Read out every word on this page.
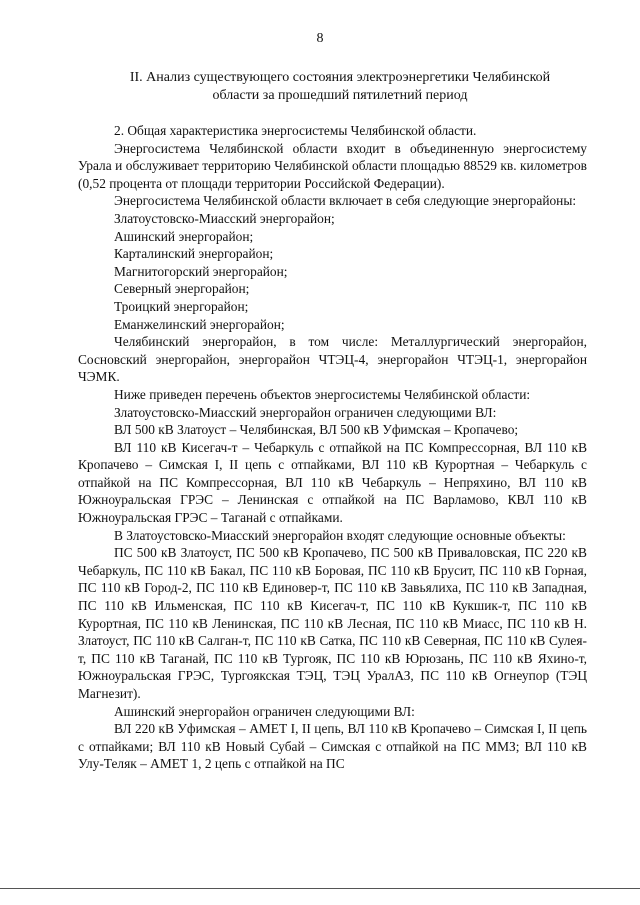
8
II. Анализ существующего состояния электроэнергетики Челябинской
области за прошедший пятилетний период

2. Общая характеристика энергосистемы Челябинской области.

Энергосистема Челябинской области входит в объединенную энергосистему Урала и обслуживает территорию Челябинской области площадью 88529 кв. километров (0,52 процента от площади территории Российской Федерации).

Энергосистема Челябинской области включает в себя следующие энергорайоны:

Златоустовско-Миасский энергорайон;

Ашинский энергорайон;

Карталинский энергорайон;

Магнитогорский энергорайон;

Северный энергорайон;

Троицкий энергорайон;

Еманжелинский энергорайон;

Челябинский энергорайон, в том числе: Металлургический энергорайон, Сосновский энергорайон, энергорайон ЧТЭЦ-4, энергорайон ЧТЭЦ-1, энергорайон ЧЭМК.

Ниже приведен перечень объектов энергосистемы Челябинской области:

Златоустовско-Миасский энергорайон ограничен следующими ВЛ:

ВЛ 500 кВ Златоуст – Челябинская, ВЛ 500 кВ Уфимская – Кропачево;

ВЛ 110 кВ Кисегач-т – Чебаркуль с отпайкой на ПС Компрессорная, ВЛ 110 кВ Кропачево – Симская I, II цепь с отпайками, ВЛ 110 кВ Курортная – Чебаркуль с отпайкой на ПС Компрессорная, ВЛ 110 кВ Чебаркуль – Непряхино, ВЛ 110 кВ Южноуральская ГРЭС – Ленинская с отпайкой на ПС Варламово, КВЛ 110 кВ Южноуральская ГРЭС – Таганай с отпайками.

В Златоустовско-Миасский энергорайон входят следующие основные объекты:

ПС 500 кВ Златоуст, ПС 500 кВ Кропачево, ПС 500 кВ Приваловская, ПС 220 кВ Чебаркуль, ПС 110 кВ Бакал, ПС 110 кВ Боровая, ПС 110 кВ Брусит, ПС 110 кВ Горная, ПС 110 кВ Город-2, ПС 110 кВ Единовер-т, ПС 110 кВ Завьялиха, ПС 110 кВ Западная, ПС 110 кВ Ильменская, ПС 110 кВ Кисегач-т, ПС 110 кВ Кукшик-т, ПС 110 кВ Курортная, ПС 110 кВ Ленинская, ПС 110 кВ Лесная, ПС 110 кВ Миасс, ПС 110 кВ Н. Златоуст, ПС 110 кВ Салган-т, ПС 110 кВ Сатка, ПС 110 кВ Северная, ПС 110 кВ Сулея-т, ПС 110 кВ Таганай, ПС 110 кВ Тургояк, ПС 110 кВ Юрюзань, ПС 110 кВ Яхино-т, Южноуральская ГРЭС, Тургоякская ТЭЦ, ТЭЦ УралАЗ, ПС 110 кВ Огнеупор (ТЭЦ Магнезит).

Ашинский энергорайон ограничен следующими ВЛ:

ВЛ 220 кВ Уфимская – АМЕТ I, II цепь, ВЛ 110 кВ Кропачево – Симская I, II цепь с отпайками; ВЛ 110 кВ Новый Субай – Симская с отпайкой на ПС ММЗ; ВЛ 110 кВ Улу-Теляк – АМЕТ 1, 2 цепь с отпайкой на ПС
